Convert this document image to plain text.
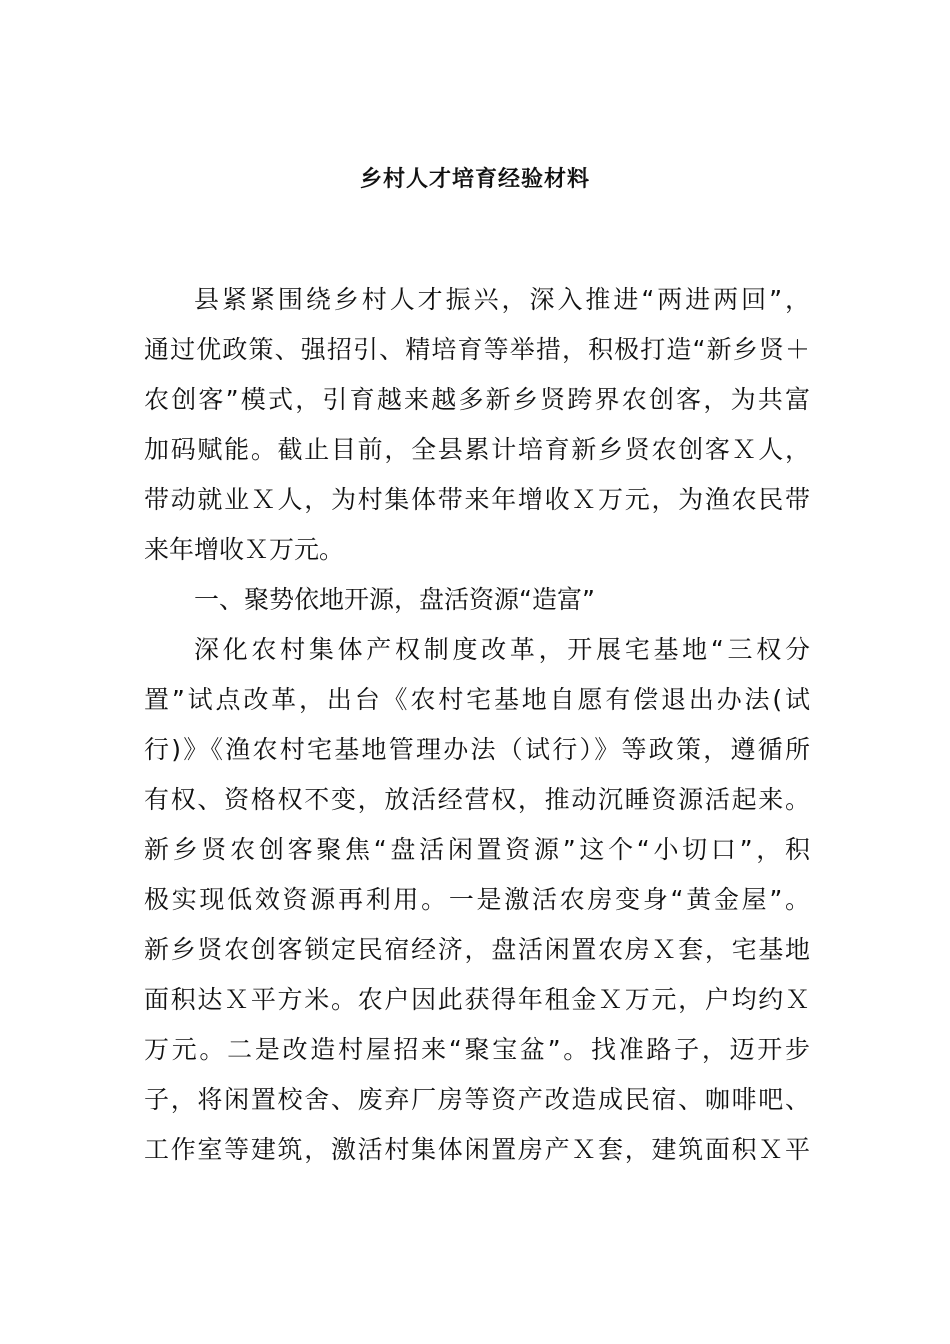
乡村人才培育经验材料
县紧紧围绕乡村人才振兴，深入推进“两进两回”，
通过优政策、强招引、精培育等举措，积极打造“新乡贤＋
农创客”模式，引育越来越多新乡贤跨界农创客，为共富
加码赋能。截止目前，全县累计培育新乡贤农创客Ｘ人，
带动就业Ｘ人，为村集体带来年增收Ｘ万元，为渔农民带
来年增收Ｘ万元。
一、聚势依地开源，盘活资源“造富”
深化农村集体产权制度改革，开展宅基地“三权分
置”试点改革，出台《农村宅基地自愿有偿退出办法(试
行)》《渔农村宅基地管理办法（试行）》等政策，遵循所
有权、资格权不变，放活经营权，推动沉睡资源活起来。
新乡贤农创客聚焦“盘活闲置资源”这个“小切口”，积
极实现低效资源再利用。一是激活农房变身“黄金屋”。
新乡贤农创客锁定民宿经济，盘活闲置农房Ｘ套，宅基地
面积达Ｘ平方米。农户因此获得年租金Ｘ万元，户均约Ｘ
万元。二是改造村屋招来“聚宝盆”。找准路子，迈开步
子，将闲置校舍、废弃厂房等资产改造成民宿、咖啡吧、
工作室等建筑，激活村集体闲置房产Ｘ套，建筑面积Ｘ平
